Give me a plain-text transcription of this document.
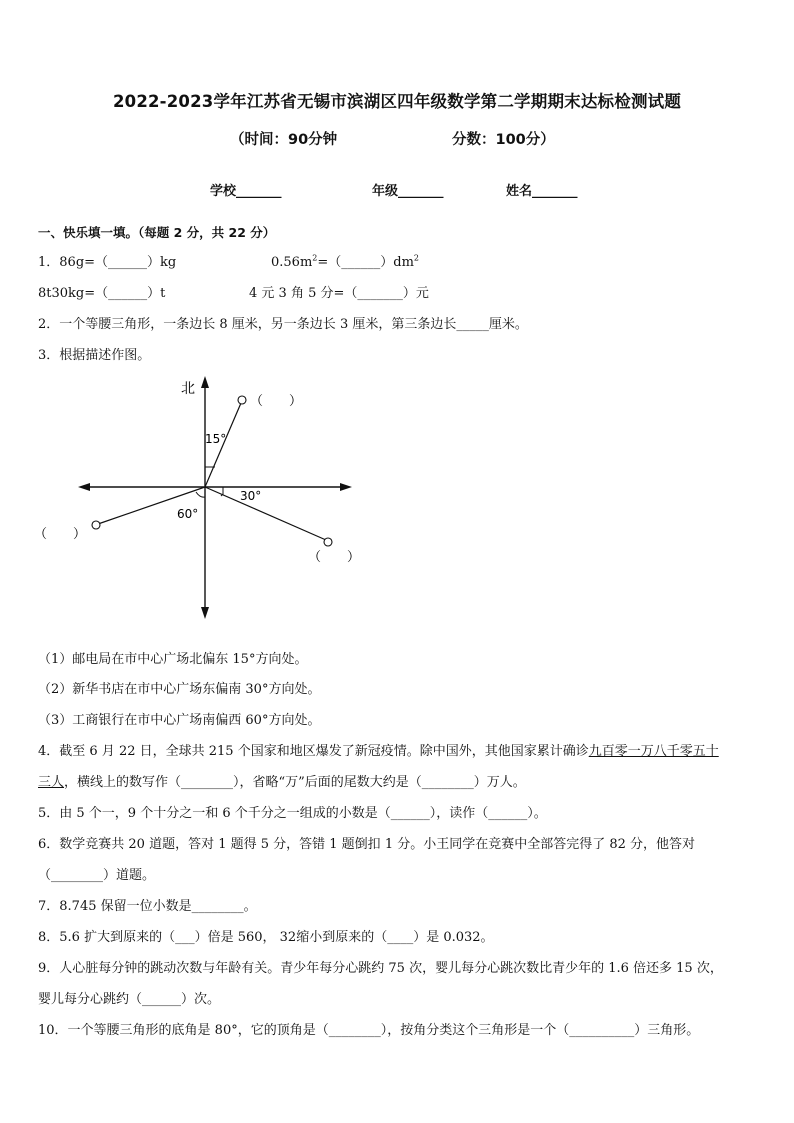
2022-2023学年江苏省无锡市滨湖区四年级数学第二学期期末达标检测试题
（时间：90分钟	分数：100分）
学校_______	年级_______	姓名_______
一、快乐填一填。（每题 2 分，共 22 分）
1．86g=（______）kg	$0.56m^2=(\_\_\_\_\_\_)dm^2$
8t30kg=（______）t	4 元 3 角 5 分=（_______）元
2．一个等腰三角形，一条边长 8 厘米，另一条边长 3 厘米，第三条边长_____厘米。
3．根据描述作图。
北
15°
30°
60°
（　　）
（　　）
（　　）
（1）邮电局在市中心广场北偏东 15°方向处。
（2）新华书店在市中心广场东偏南 30°方向处。
（3）工商银行在市中心广场南偏西 60°方向处。
4．截至 6 月 22 日，全球共 215 个国家和地区爆发了新冠疫情。除中国外，其他国家累计确诊九百零一万八千零五十
三人，横线上的数写作（________），省略“万”后面的尾数大约是（________）万人。
5．由 5 个一，9 个十分之一和 6 个千分之一组成的小数是（______），读作（______）。
6．数学竞赛共 20 道题，答对 1 题得 5 分，答错 1 题倒扣 1 分。小王同学在竞赛中全部答完得了 82 分，他答对
（________）道题。
7．8.745 保留一位小数是________。
8．5.6 扩大到原来的（___）倍是 560， 32缩小到原来的（____）是 0.032。
9．人心脏每分钟的跳动次数与年龄有关。青少年每分心跳约 75 次，婴儿每分心跳次数比青少年的 1.6 倍还多 15 次，
婴儿每分心跳约（______）次。
10．一个等腰三角形的底角是 80°，它的顶角是（________），按角分类这个三角形是一个（__________）三角形。
